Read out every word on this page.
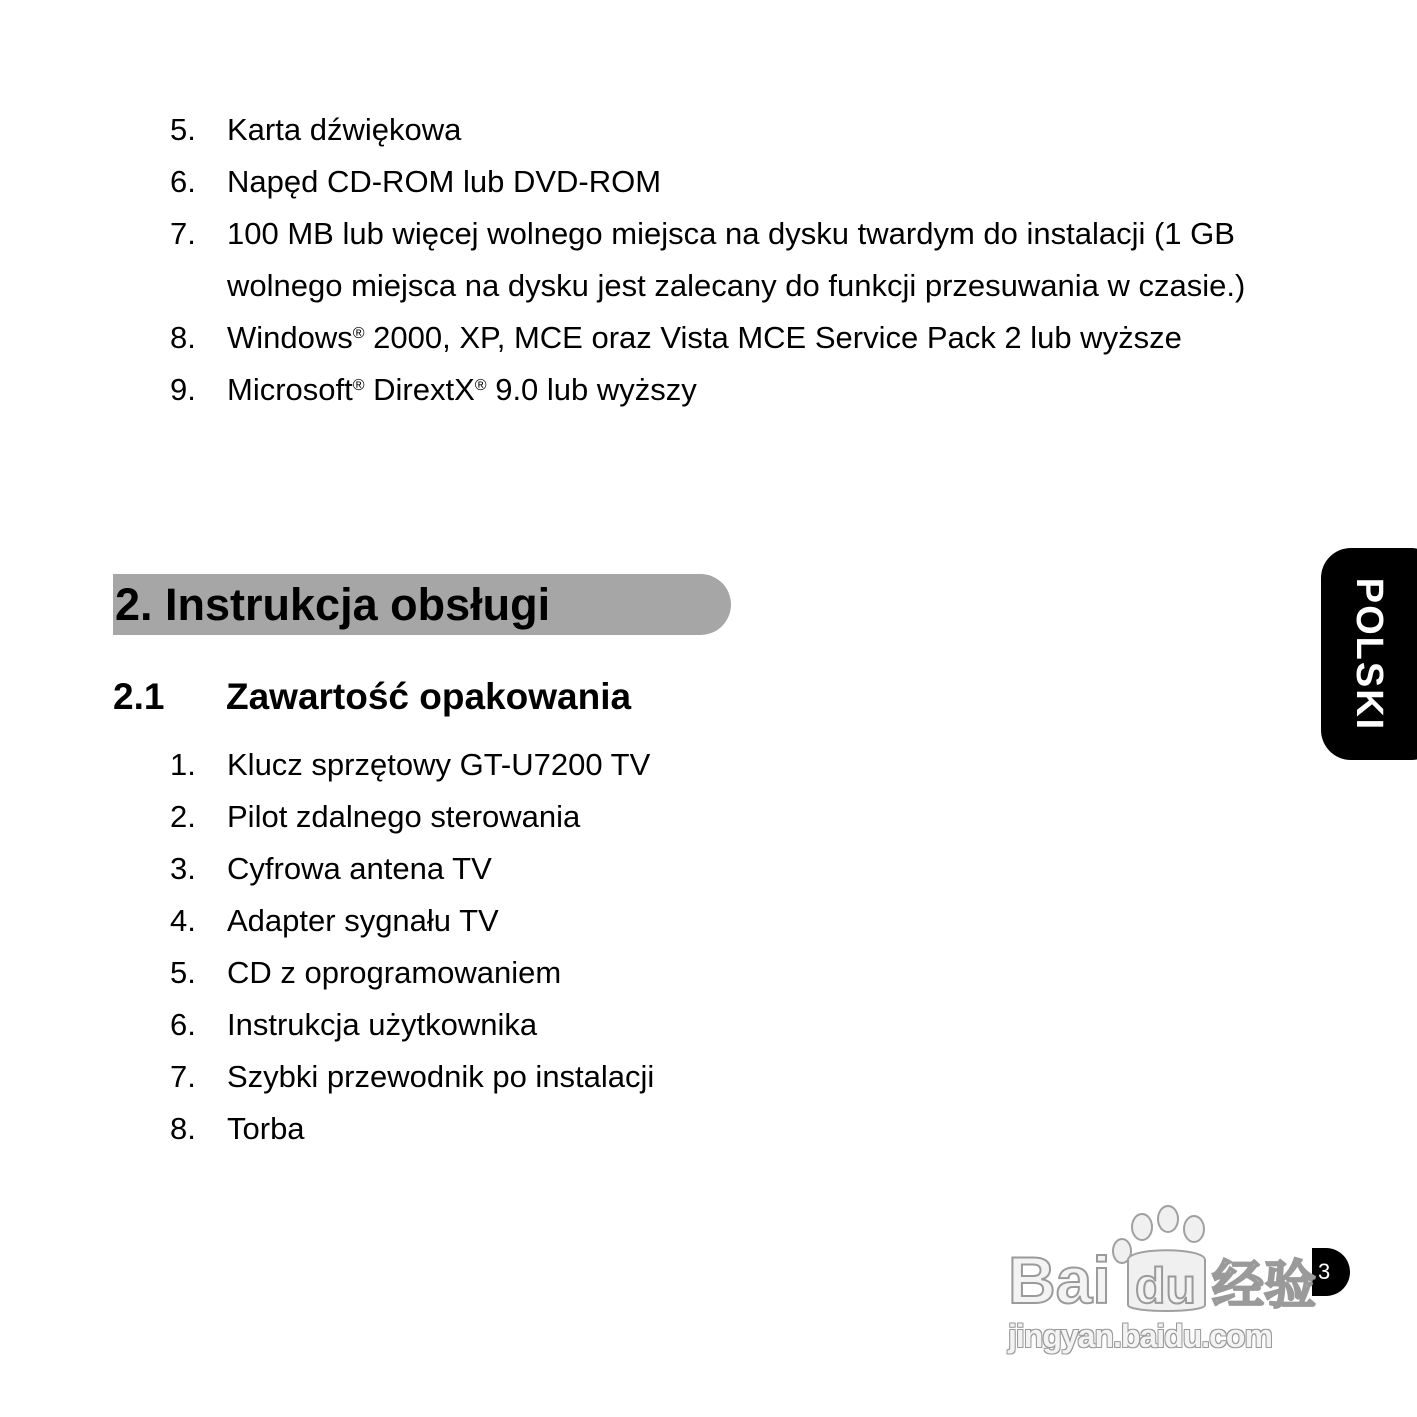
5. Karta dźwiękowa
6. Napęd CD-ROM lub DVD-ROM
7. 100 MB lub więcej wolnego miejsca na dysku twardym do instalacji (1 GB
wolnego miejsca na dysku jest zalecany do funkcji przesuwania w czasie.)
8. Windows® 2000, XP, MCE oraz Vista MCE Service Pack 2 lub wyższe
9. Microsoft® DirextX® 9.0 lub wyższy
2. Instrukcja obsługi
2.1 Zawartość opakowania
1. Klucz sprzętowy GT-U7200 TV
2. Pilot zdalnego sterowania
3. Cyfrowa antena TV
4. Adapter sygnału TV
5. CD z oprogramowaniem
6. Instrukcja użytkownika
7. Szybki przewodnik po instalacji
8. Torba
POLSKI
3
Bai du 经验
jingyan.baidu.com
